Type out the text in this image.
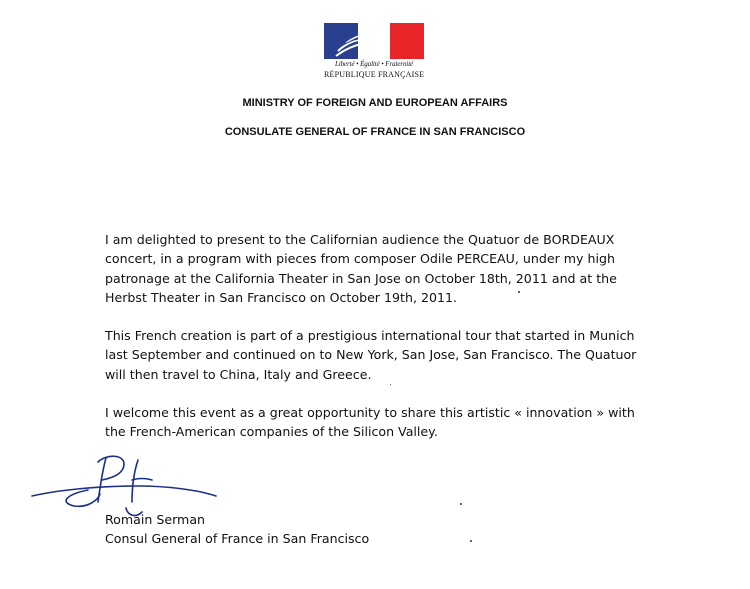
Liberté • Égalité • Fraternité
RÉPUBLIQUE FRANÇAISE
MINISTRY OF FOREIGN AND EUROPEAN AFFAIRS
CONSULATE GENERAL OF FRANCE IN SAN FRANCISCO

I am delighted to present to the Californian audience the Quatuor de BORDEAUX
concert, in a program with pieces from composer Odile PERCEAU, under my high
patronage at the California Theater in San Jose on October 18th, 2011 and at the
Herbst Theater in San Francisco on October 19th, 2011.

This French creation is part of a prestigious international tour that started in Munich
last September and continued on to New York, San Jose, San Francisco. The Quatuor
will then travel to China, Italy and Greece.

I welcome this event as a great opportunity to share this artistic « innovation » with
the French-American companies of the Silicon Valley.

Romain Serman
Consul General of France in San Francisco
